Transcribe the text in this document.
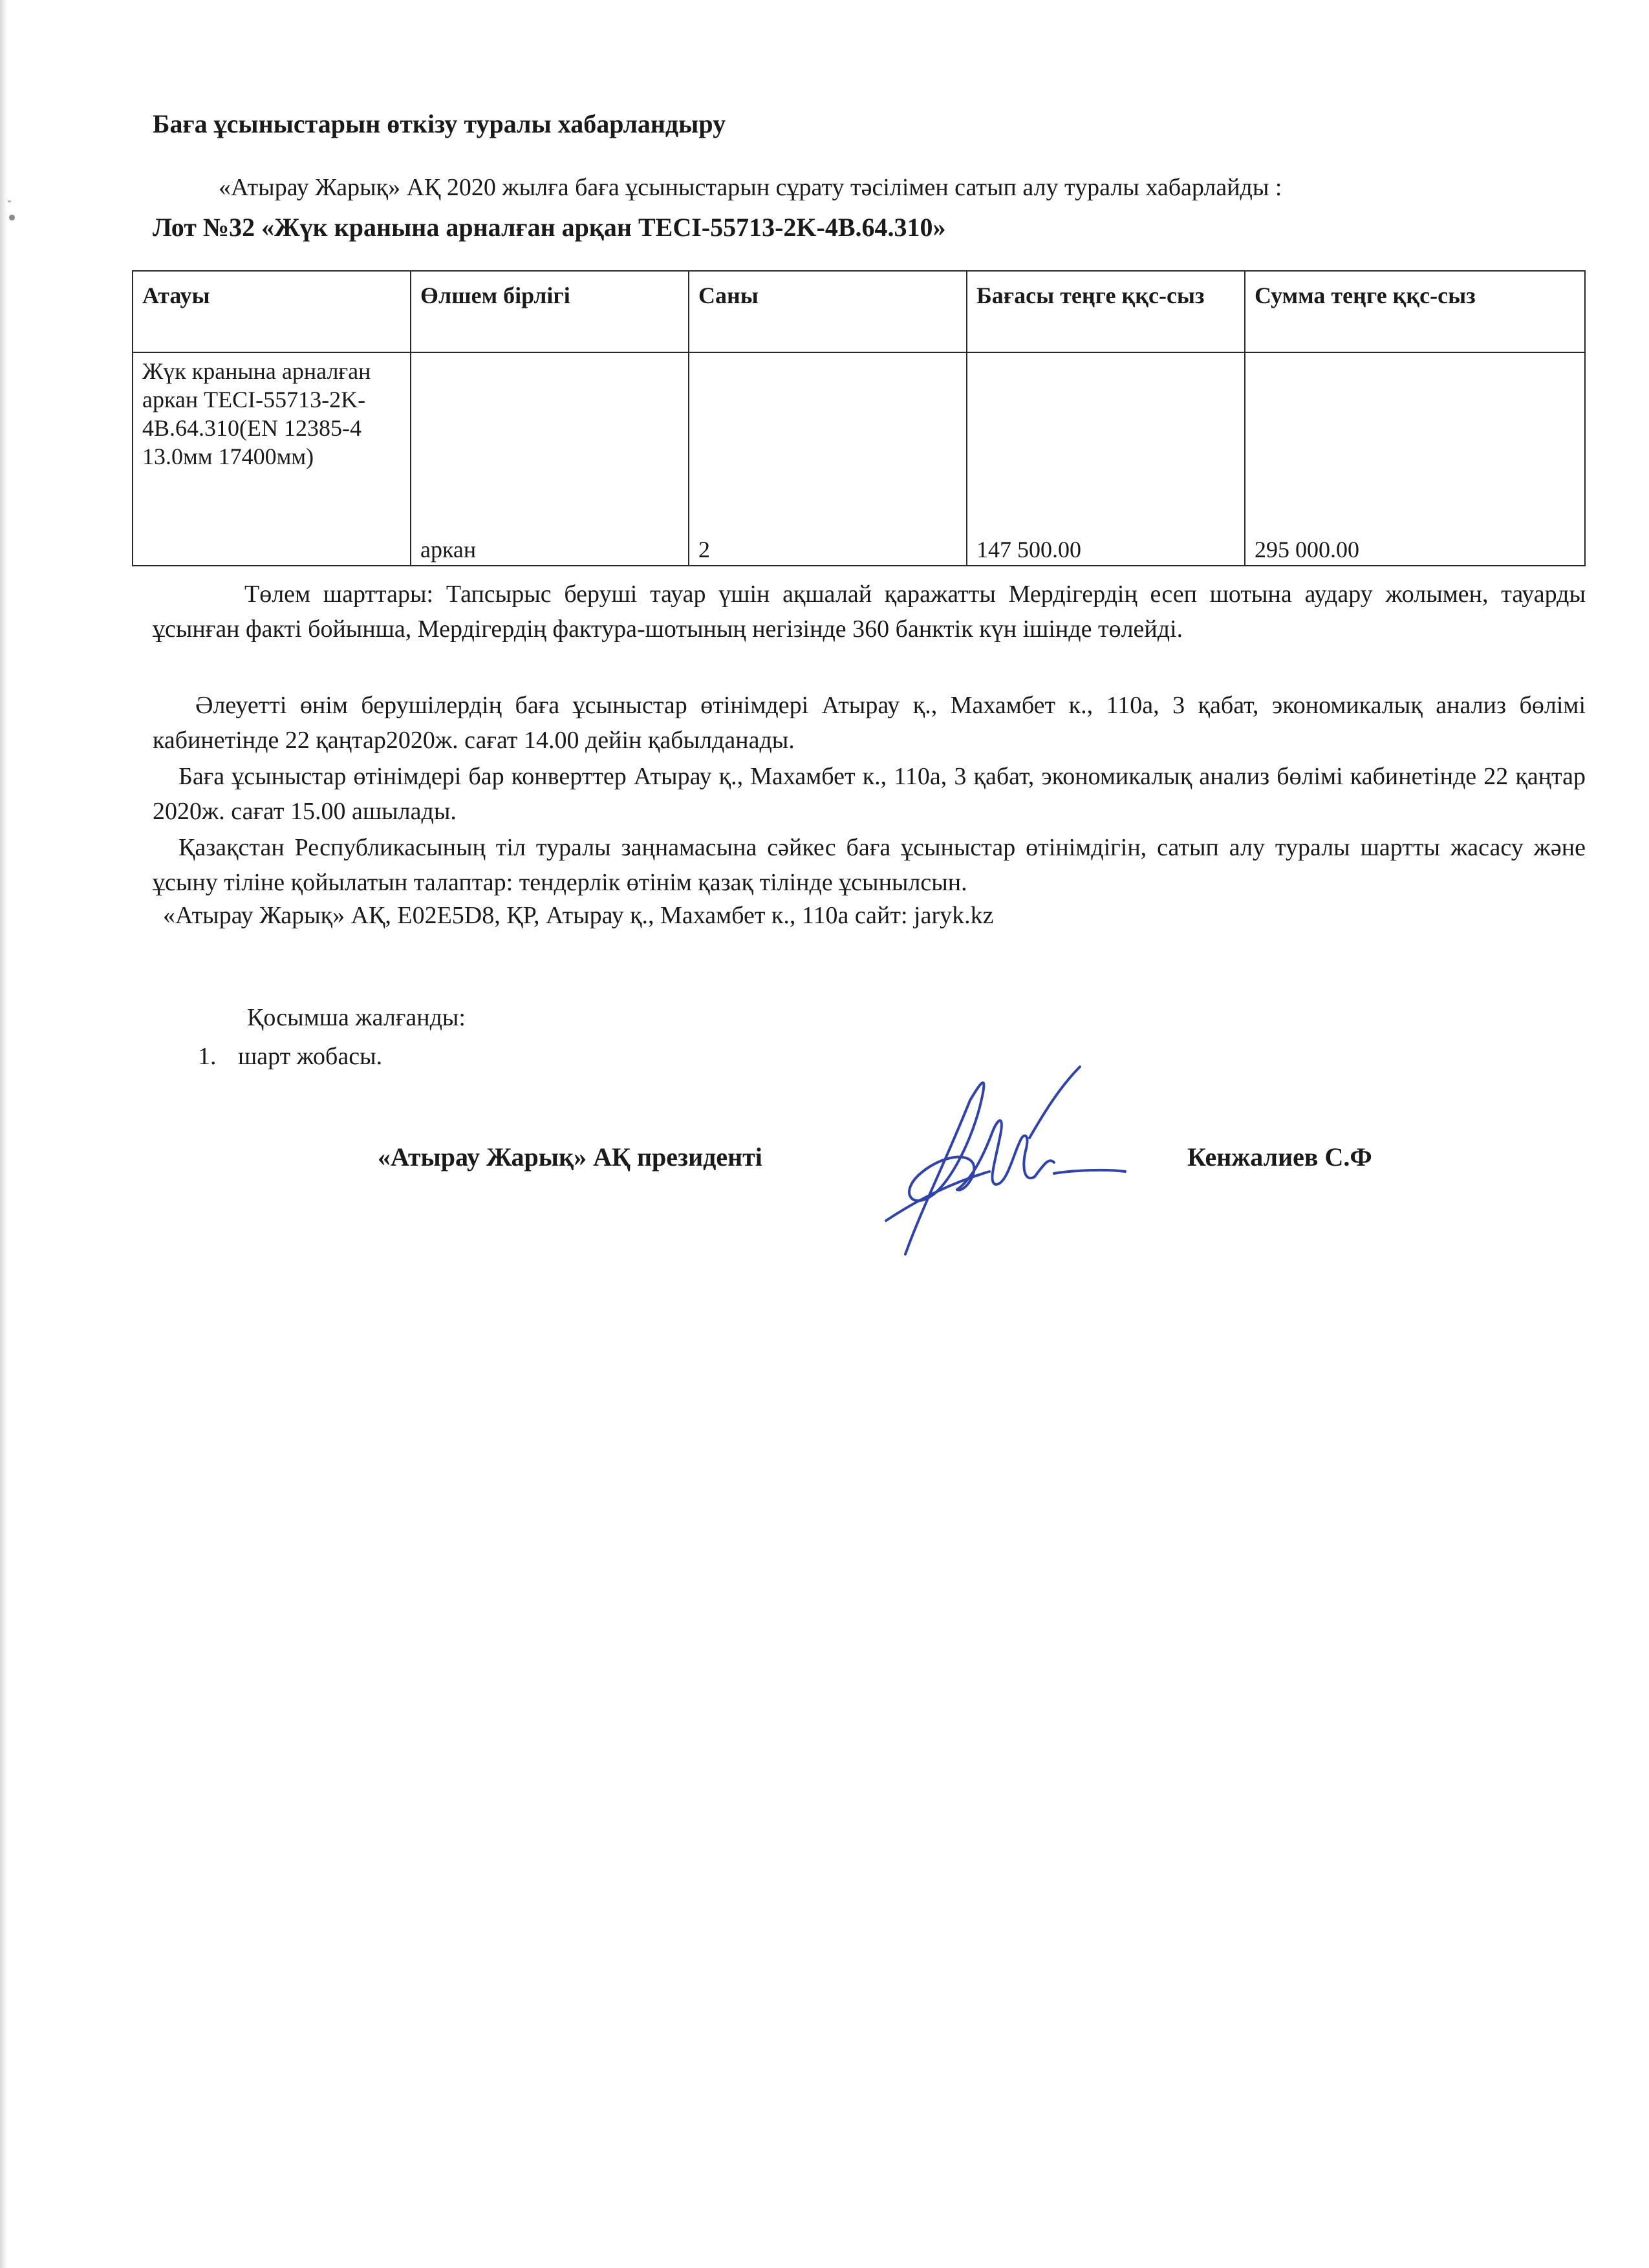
Баға ұсыныстарын өткізу туралы хабарландыру
«Атырау Жарық» АҚ 2020 жылға баға ұсыныстарын сұрату тәсілімен сатып алу туралы хабарлайды :
Лот №32 «Жүк кранына арналған арқан TECI-55713-2K-4B.64.310»
Атауы	Өлшем бірлігі	Саны	Бағасы теңге ққс-сыз	Сумма теңге ққс-сыз
Жүк кранына арналған аркан TECI-55713-2K-4B.64.310(EN 12385-4 13.0мм 17400мм)	аркан	2	147 500.00	295 000.00
Төлем шарттары: Тапсырыс беруші тауар үшін ақшалай қаражатты Мердігердің есеп шотына аудару жолымен, тауарды ұсынған факті бойынша, Мердігердің фактура-шотының негізінде 360 банктік күн ішінде төлейді.
Әлеуетті өнім берушілердің баға ұсыныстар өтінімдері Атырау қ., Махамбет к., 110а, 3 қабат, экономикалық анализ бөлімі кабинетінде 22 қаңтар2020ж. сағат 14.00 дейін қабылданады.
Баға ұсыныстар өтінімдері бар конверттер Атырау қ., Махамбет к., 110а, 3 қабат, экономикалық анализ бөлімі кабинетінде 22 қаңтар 2020ж. сағат 15.00 ашылады.
Қазақстан Республикасының тіл туралы заңнамасына сәйкес баға ұсыныстар өтінімдігін, сатып алу туралы шартты жасасу және ұсыну тіліне қойылатын талаптар: тендерлік өтінім қазақ тілінде ұсынылсын.
«Атырау Жарық» АҚ, Е02Е5D8, ҚР, Атырау қ., Махамбет к., 110а сайт: jaryk.kz
Қосымша жалғанды:
1. шарт жобасы.
«Атырау Жарық» АҚ президенті	Кенжалиев С.Ф
